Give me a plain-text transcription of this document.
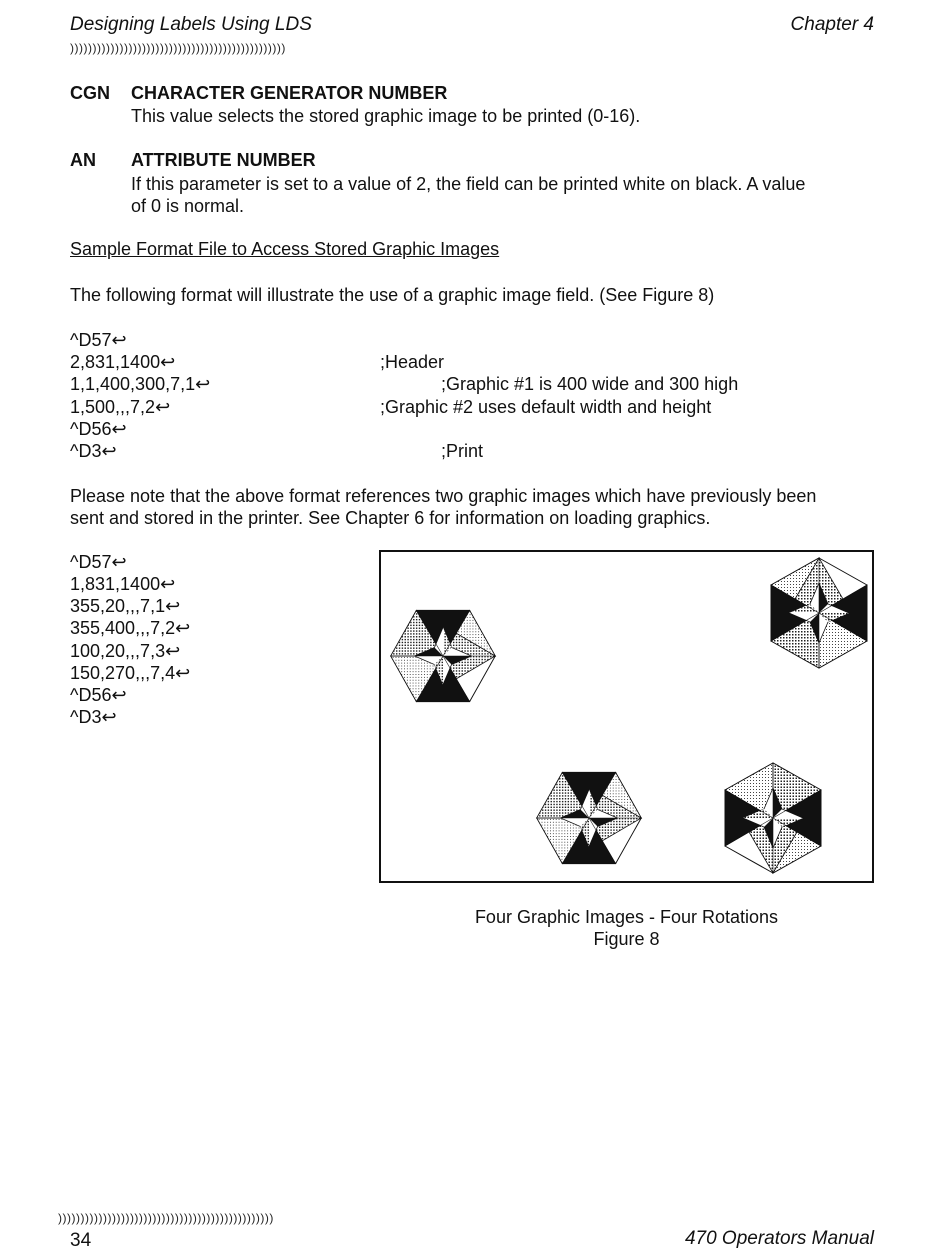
Designing Labels Using LDS	Chapter 4
))))))))))))))))))))))))))))))))))))))))))))))))
CGN CHARACTER GENERATOR NUMBER
This value selects the stored graphic image to be printed (0-16).
AN ATTRIBUTE NUMBER
If this parameter is set to a value of 2, the field can be printed white on black. A value
of 0 is normal.
Sample Format File to Access Stored Graphic Images
The following format will illustrate the use of a graphic image field. (See Figure 8)
^D57↩
2,831,1400↩	;Header
1,1,400,300,7,1↩	;Graphic #1 is 400 wide and 300 high
1,500,,,7,2↩	;Graphic #2 uses default width and height
^D56↩
^D3↩	;Print
Please note that the above format references two graphic images which have previously been
sent and stored in the printer. See Chapter 6 for information on loading graphics.
^D57↩
1,831,1400↩
355,20,,,7,1↩
355,400,,,7,2↩
100,20,,,7,3↩
150,270,,,7,4↩
^D56↩
^D3↩
Four Graphic Images - Four Rotations
Figure 8
))))))))))))))))))))))))))))))))))))))))))))))))
34	470 Operators Manual
